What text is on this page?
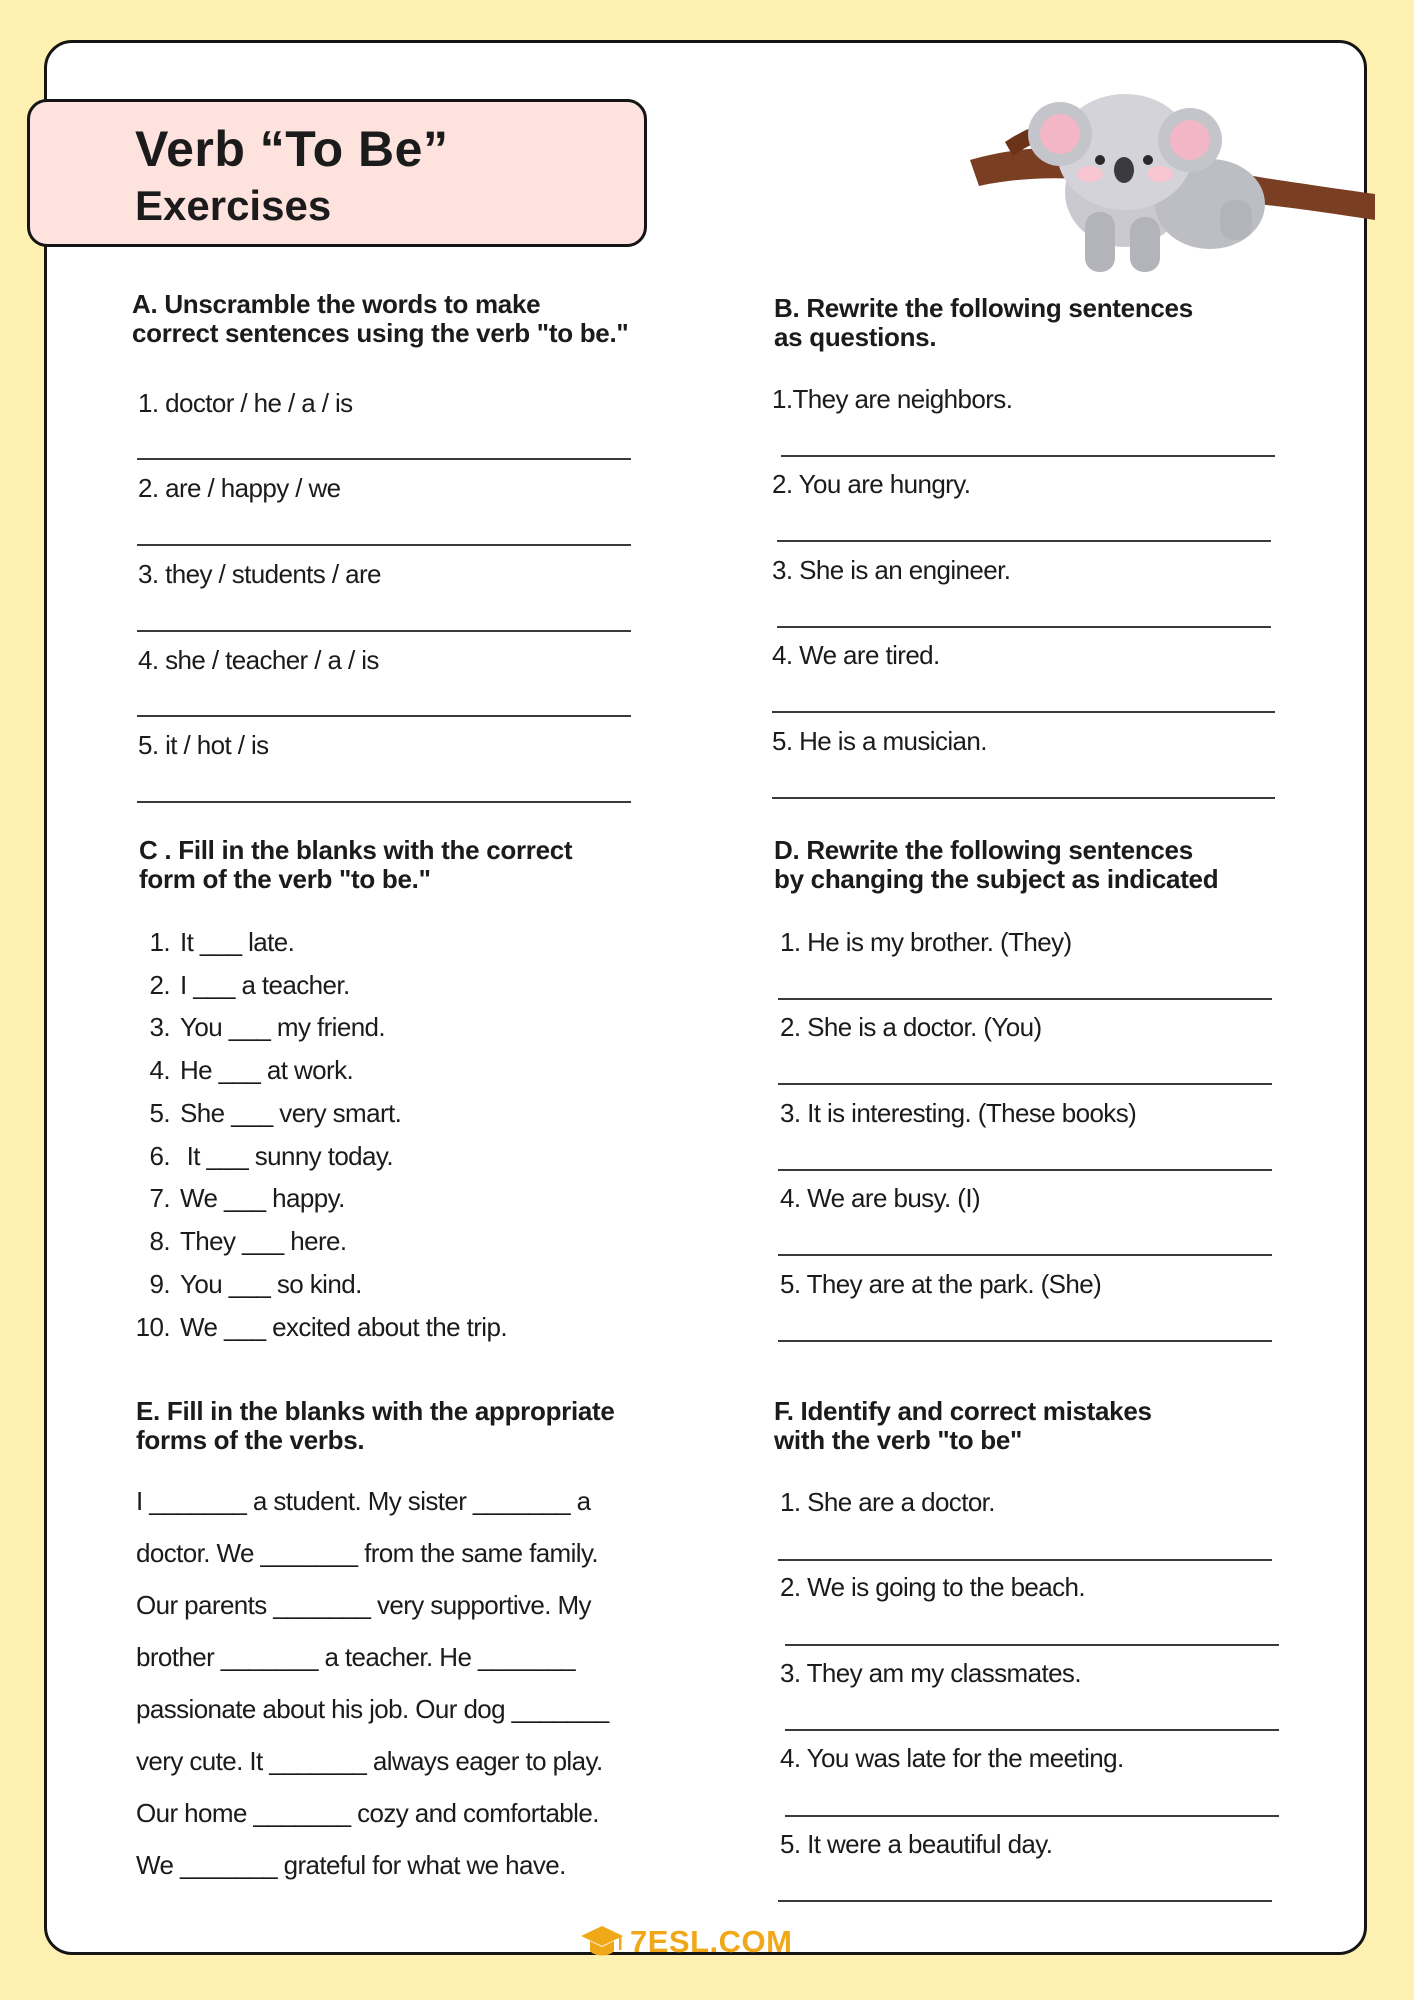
Verb “To Be”
Exercises
A. Unscramble the words to make
correct sentences using the verb "to be."
1. doctor / he / a / is
2. are / happy / we
3. they / students / are
4. she / teacher / a / is
5. it / hot / is
B. Rewrite the following sentences
as questions.
1.They are neighbors.
2. You are hungry.
3. She is an engineer.
4. We are tired.
5. He is a musician.
C . Fill in the blanks with the correct
form of the verb "to be."
1. It ___ late.
2. I ___ a teacher.
3. You ___ my friend.
4. He ___ at work.
5. She ___ very smart.
6. It ___ sunny today.
7. We ___ happy.
8. They ___ here.
9. You ___ so kind.
10. We ___ excited about the trip.
D. Rewrite the following sentences
by changing the subject as indicated
1. He is my brother. (They)
2. She is a doctor. (You)
3. It is interesting. (These books)
4. We are busy. (I)
5. They are at the park. (She)
E. Fill in the blanks with the appropriate
forms of the verbs.
I _______ a student. My sister _______ a
doctor. We _______ from the same family.
Our parents _______ very supportive. My
brother _______ a teacher. He _______
passionate about his job. Our dog _______
very cute. It _______ always eager to play.
Our home _______ cozy and comfortable.
We _______ grateful for what we have.
F. Identify and correct mistakes
with the verb "to be"
1. She are a doctor.
2. We is going to the beach.
3. They am my classmates.
4. You was late for the meeting.
5. It were a beautiful day.
7ESL.COM
